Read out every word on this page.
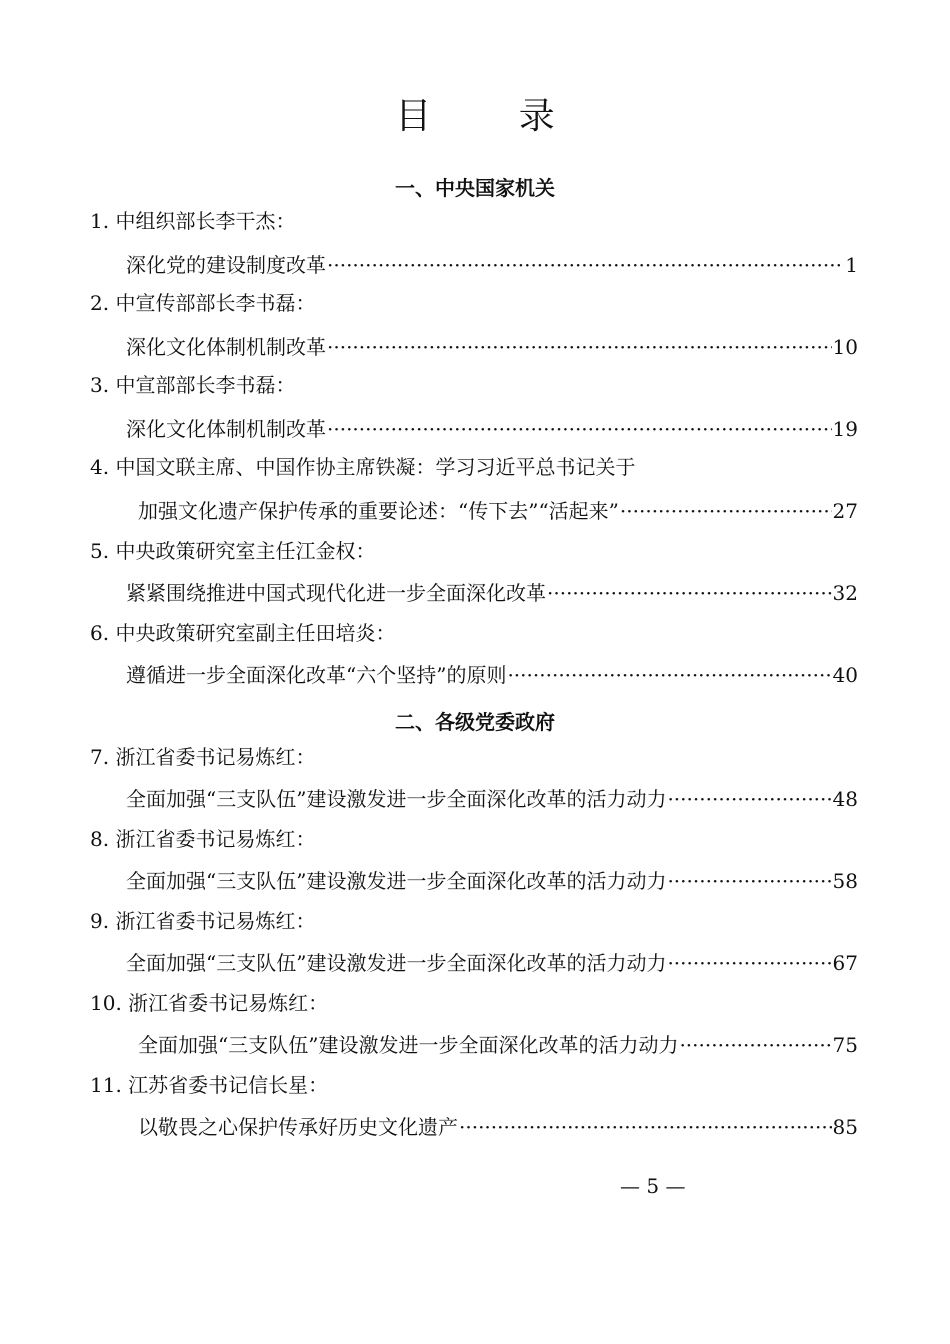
目 录
一、中央国家机关
1. 中组织部长李干杰：
深化党的建设制度改革 ·····	1
2. 中宣传部部长李书磊：
深化文化体制机制改革 ·····	10
3. 中宣部部长李书磊：
深化文化体制机制改革 ·····	19
4. 中国文联主席、中国作协主席铁凝：学习习近平总书记关于
加强文化遗产保护传承的重要论述：“传下去”“活起来” ·····	27
5. 中央政策研究室主任江金权：
紧紧围绕推进中国式现代化进一步全面深化改革 ·····	32
6. 中央政策研究室副主任田培炎：
遵循进一步全面深化改革“六个坚持”的原则 ·····	40
二、各级党委政府
7. 浙江省委书记易炼红：
全面加强“三支队伍”建设激发进一步全面深化改革的活力动力 ·····	48
8. 浙江省委书记易炼红：
全面加强“三支队伍”建设激发进一步全面深化改革的活力动力 ·····	58
9. 浙江省委书记易炼红：
全面加强“三支队伍”建设激发进一步全面深化改革的活力动力 ·····	67
10. 浙江省委书记易炼红：
全面加强“三支队伍”建设激发进一步全面深化改革的活力动力 ·····	75
11. 江苏省委书记信长星：
以敬畏之心保护传承好历史文化遗产 ·····	85
— 5 —
